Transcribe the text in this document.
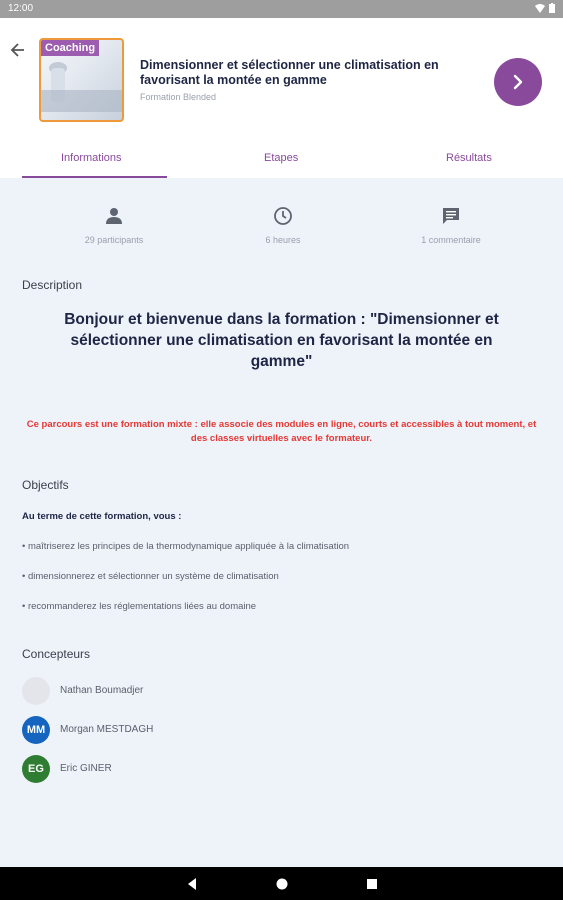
12:00
Coaching
Dimensionner et sélectionner une climatisation en favorisant la montée en gamme
Formation Blended
Informations	Etapes	Résultats
29 participants	6 heures	1 commentaire
Description
Bonjour et bienvenue dans la formation : "Dimensionner et sélectionner une climatisation en favorisant la montée en gamme"
Ce parcours est une formation mixte : elle associe des modules en ligne, courts et accessibles à tout moment, et des classes virtuelles avec le formateur.
Objectifs
Au terme de cette formation, vous :
• maîtriserez les principes de la thermodynamique appliquée à la climatisation
• dimensionnerez et sélectionner un système de climatisation
• recommanderez les réglementations liées au domaine
Concepteurs
Nathan Boumadjer
MM	Morgan MESTDAGH
EG	Eric GINER
